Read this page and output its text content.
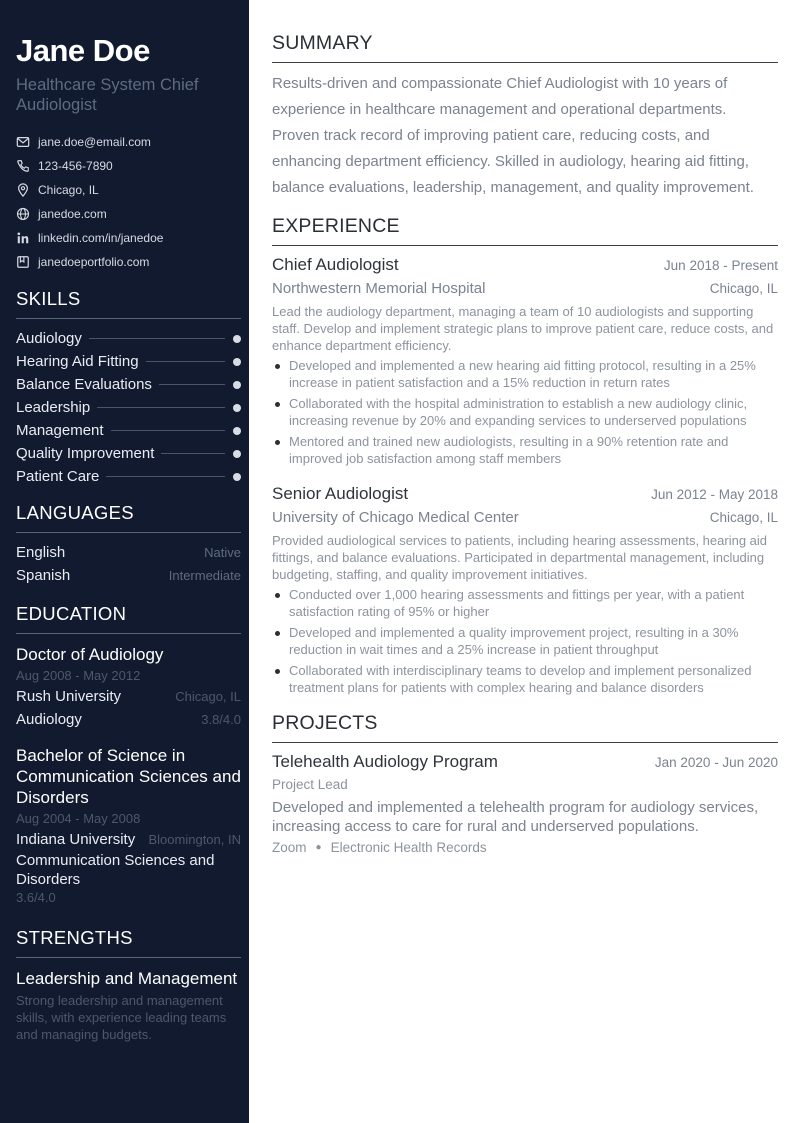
Jane Doe
Healthcare System Chief Audiologist
jane.doe@email.com
123-456-7890
Chicago, IL
janedoe.com
linkedin.com/in/janedoe
janedoeportfolio.com
SKILLS
Audiology
Hearing Aid Fitting
Balance Evaluations
Leadership
Management
Quality Improvement
Patient Care
LANGUAGES
English	Native
Spanish	Intermediate
EDUCATION
Doctor of Audiology
Aug 2008 - May 2012
Rush University	Chicago, IL
Audiology	3.8/4.0
Bachelor of Science in Communication Sciences and Disorders
Aug 2004 - May 2008
Indiana University Bloomington, IN
Communication Sciences and Disorders
3.6/4.0
STRENGTHS
Leadership and Management
Strong leadership and management skills, with experience leading teams and managing budgets.
SUMMARY

Results-driven and compassionate Chief Audiologist with 10 years of experience in healthcare management and operational departments. Proven track record of improving patient care, reducing costs, and enhancing department efficiency. Skilled in audiology, hearing aid fitting, balance evaluations, leadership, management, and quality improvement.

EXPERIENCE
Chief Audiologist	Jun 2018 - Present
Northwestern Memorial Hospital	Chicago, IL

Lead the audiology department, managing a team of 10 audiologists and supporting staff. Develop and implement strategic plans to improve patient care, reduce costs, and enhance department efficiency.

Developed and implemented a new hearing aid fitting protocol, resulting in a 25% increase in patient satisfaction and a 15% reduction in return rates
Collaborated with the hospital administration to establish a new audiology clinic, increasing revenue by 20% and expanding services to underserved populations
Mentored and trained new audiologists, resulting in a 90% retention rate and improved job satisfaction among staff members
Senior Audiologist	Jun 2012 - May 2018
University of Chicago Medical Center	Chicago, IL

Provided audiological services to patients, including hearing assessments, hearing aid fittings, and balance evaluations. Participated in departmental management, including budgeting, staffing, and quality improvement initiatives.

Conducted over 1,000 hearing assessments and fittings per year, with a patient satisfaction rating of 95% or higher
Developed and implemented a quality improvement project, resulting in a 30% reduction in wait times and a 25% increase in patient throughput
Collaborated with interdisciplinary teams to develop and implement personalized treatment plans for patients with complex hearing and balance disorders
PROJECTS
Telehealth Audiology Program	Jan 2020 - Jun 2020
Project Lead

Developed and implemented a telehealth program for audiology services, increasing access to care for rural and underserved populations.

Zoom ● Electronic Health Records
